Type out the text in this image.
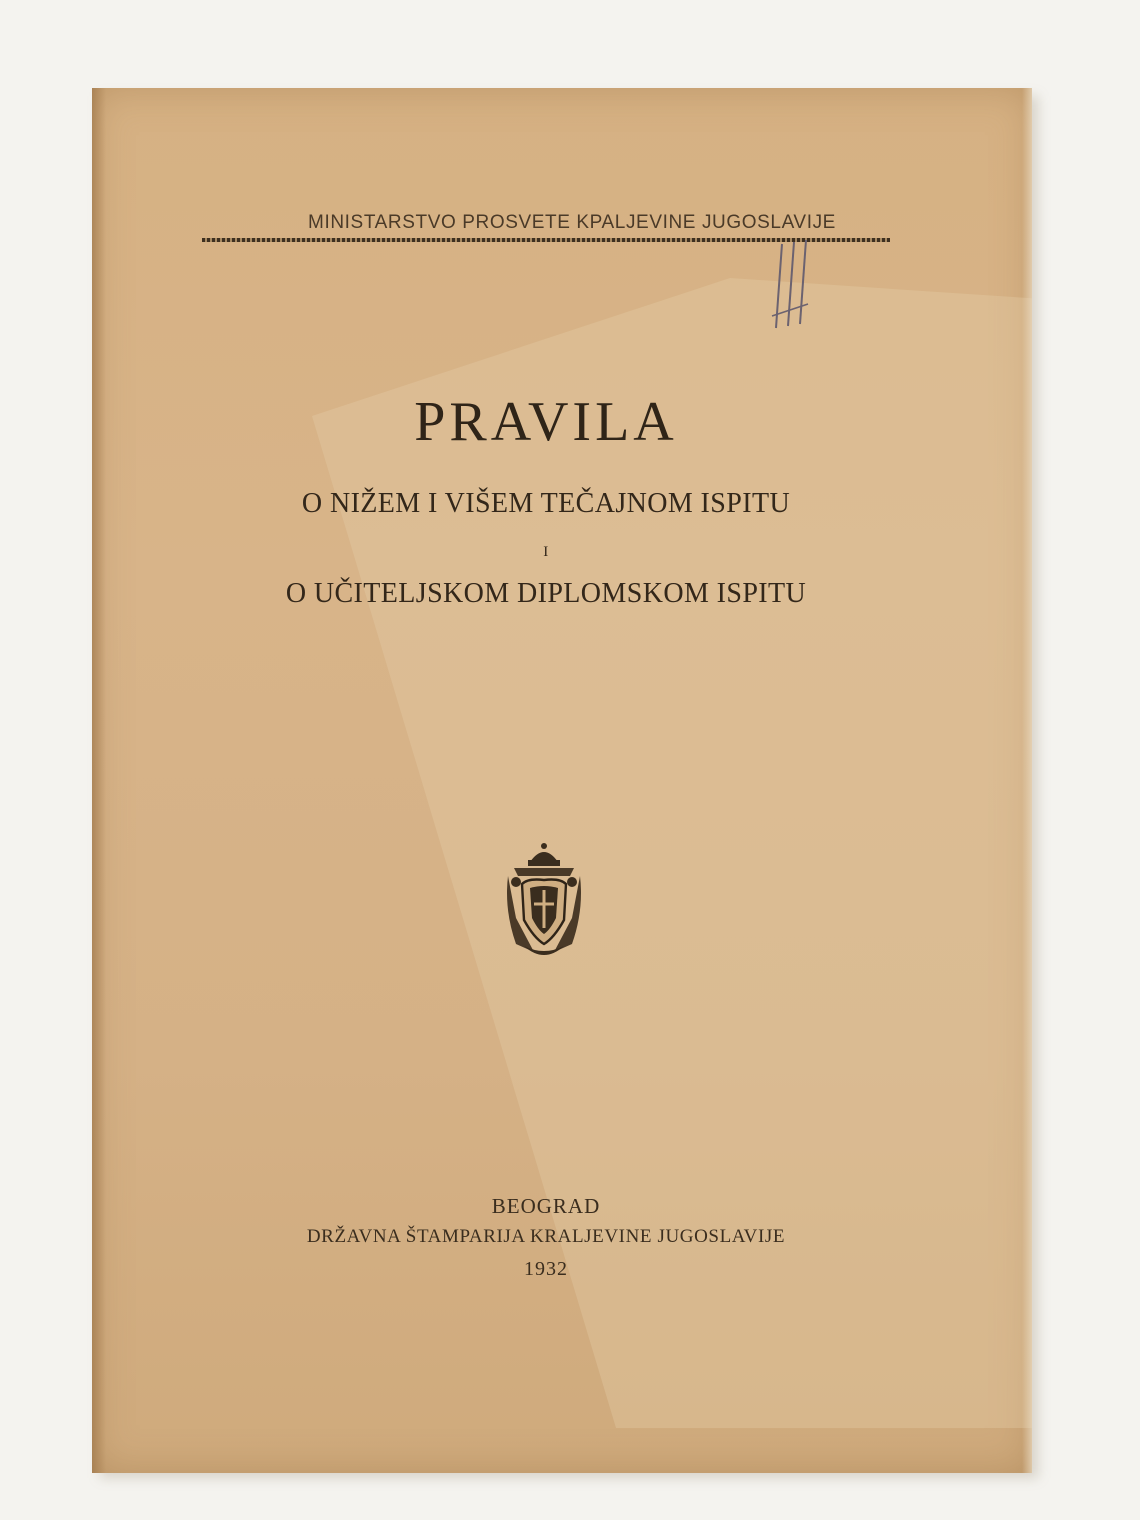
MINISTARSTVO PROSVETE KPALJEVINE JUGOSLAVIJE
PRAVILA
O NIŽEM I VIŠEM TEČAJNOM ISPITU
I
O UČITELJSKOM DIPLOMSKOM ISPITU
BEOGRAD
DRŽAVNA ŠTAMPARIJA KRALJEVINE JUGOSLAVIJE
1932
